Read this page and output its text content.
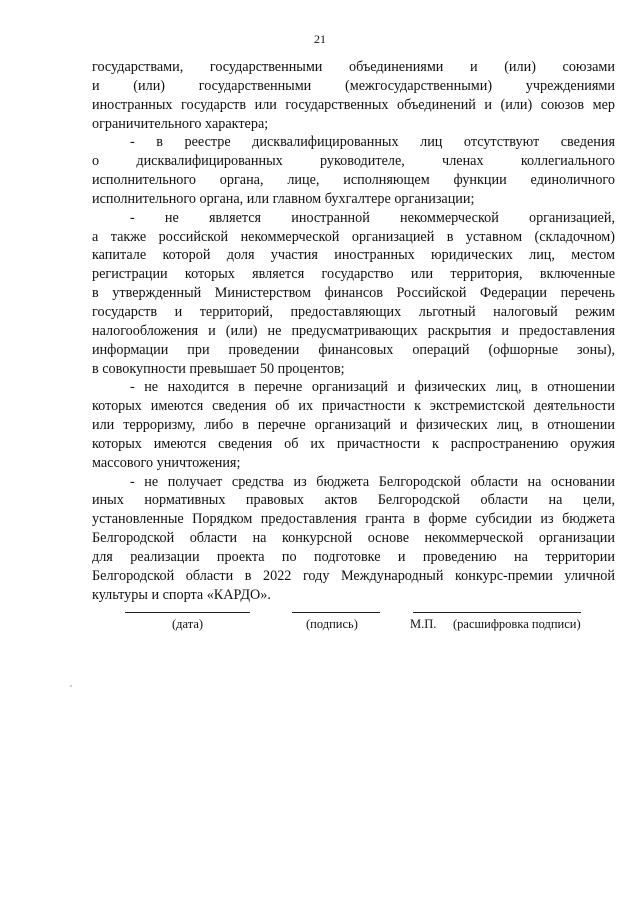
21
государствами, государственными объединениями и (или) союзами
и (или) государственными (межгосударственными) учреждениями
иностранных государств или государственных объединений и (или) союзов мер
ограничительного характера;
- в реестре дисквалифицированных лиц отсутствуют сведения
о дисквалифицированных руководителе, членах коллегиального
исполнительного органа, лице, исполняющем функции единоличного
исполнительного органа, или главном бухгалтере организации;
- не является иностранной некоммерческой организацией,
а также российской некоммерческой организацией в уставном (складочном)
капитале которой доля участия иностранных юридических лиц, местом
регистрации которых является государство или территория, включенные
в утвержденный Министерством финансов Российской Федерации перечень
государств и территорий, предоставляющих льготный налоговый режим
налогообложения и (или) не предусматривающих раскрытия и предоставления
информации при проведении финансовых операций (офшорные зоны),
в совокупности превышает 50 процентов;
- не находится в перечне организаций и физических лиц, в отношении
которых имеются сведения об их причастности к экстремистской деятельности
или терроризму, либо в перечне организаций и физических лиц, в отношении
которых имеются сведения об их причастности к распространению оружия
массового уничтожения;
- не получает средства из бюджета Белгородской области на основании
иных нормативных правовых актов Белгородской области на цели,
установленные Порядком предоставления гранта в форме субсидии из бюджета
Белгородской области на конкурсной основе некоммерческой организации
для реализации проекта по подготовке и проведению на территории
Белгородской области в 2022 году Международный конкурс-премии уличной
культуры и спорта «КАРДО».
(дата)	(подпись)	М.П. (расшифровка подписи)
